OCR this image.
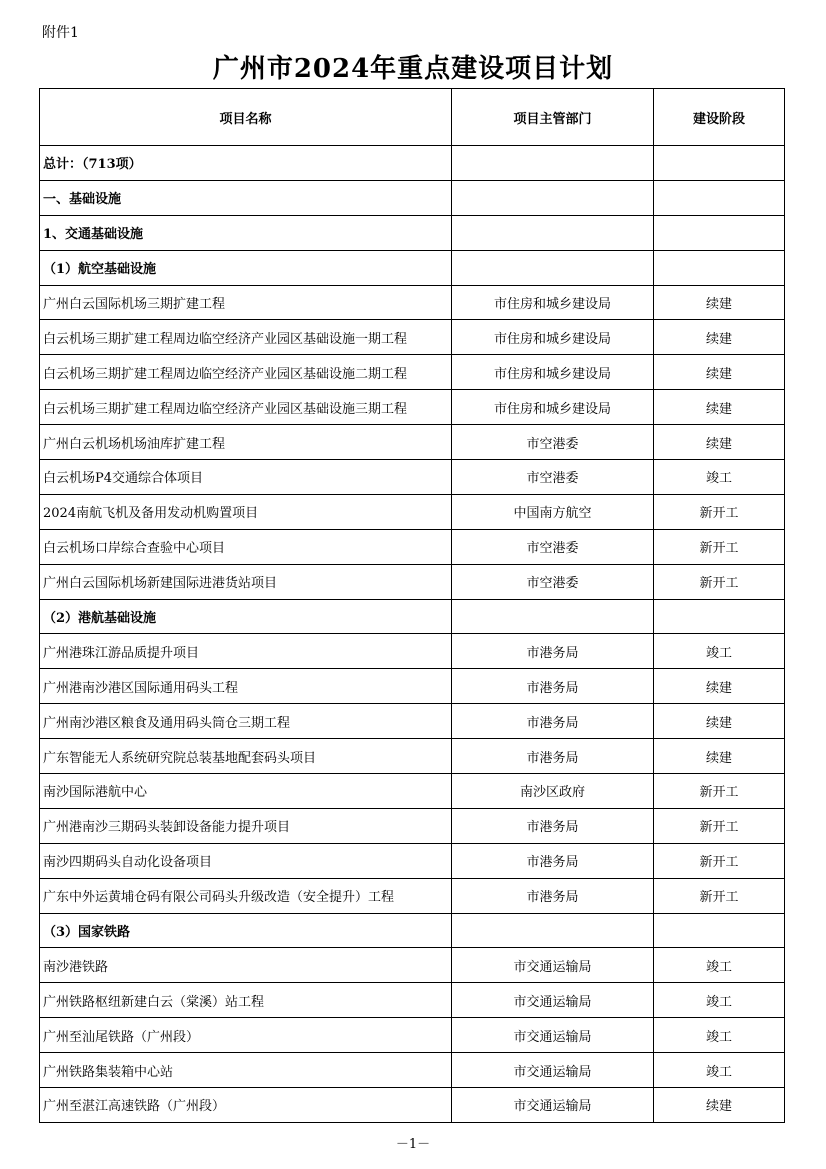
附件1
广州市2024年重点建设项目计划
项目名称	项目主管部门	建设阶段
总计：（713项）		
一、基础设施		
1、交通基础设施		
（1）航空基础设施		
广州白云国际机场三期扩建工程	市住房和城乡建设局	续建
白云机场三期扩建工程周边临空经济产业园区基础设施一期工程	市住房和城乡建设局	续建
白云机场三期扩建工程周边临空经济产业园区基础设施二期工程	市住房和城乡建设局	续建
白云机场三期扩建工程周边临空经济产业园区基础设施三期工程	市住房和城乡建设局	续建
广州白云机场机场油库扩建工程	市空港委	续建
白云机场P4交通综合体项目	市空港委	竣工
2024南航飞机及备用发动机购置项目	中国南方航空	新开工
白云机场口岸综合查验中心项目	市空港委	新开工
广州白云国际机场新建国际进港货站项目	市空港委	新开工
（2）港航基础设施		
广州港珠江游品质提升项目	市港务局	竣工
广州港南沙港区国际通用码头工程	市港务局	续建
广州南沙港区粮食及通用码头筒仓三期工程	市港务局	续建
广东智能无人系统研究院总装基地配套码头项目	市港务局	续建
南沙国际港航中心	南沙区政府	新开工
广州港南沙三期码头装卸设备能力提升项目	市港务局	新开工
南沙四期码头自动化设备项目	市港务局	新开工
广东中外运黄埔仓码有限公司码头升级改造（安全提升）工程	市港务局	新开工
（3）国家铁路		
南沙港铁路	市交通运输局	竣工
广州铁路枢纽新建白云（棠溪）站工程	市交通运输局	竣工
广州至汕尾铁路（广州段）	市交通运输局	竣工
广州铁路集装箱中心站	市交通运输局	竣工
广州至湛江高速铁路（广州段）	市交通运输局	续建
－1－
